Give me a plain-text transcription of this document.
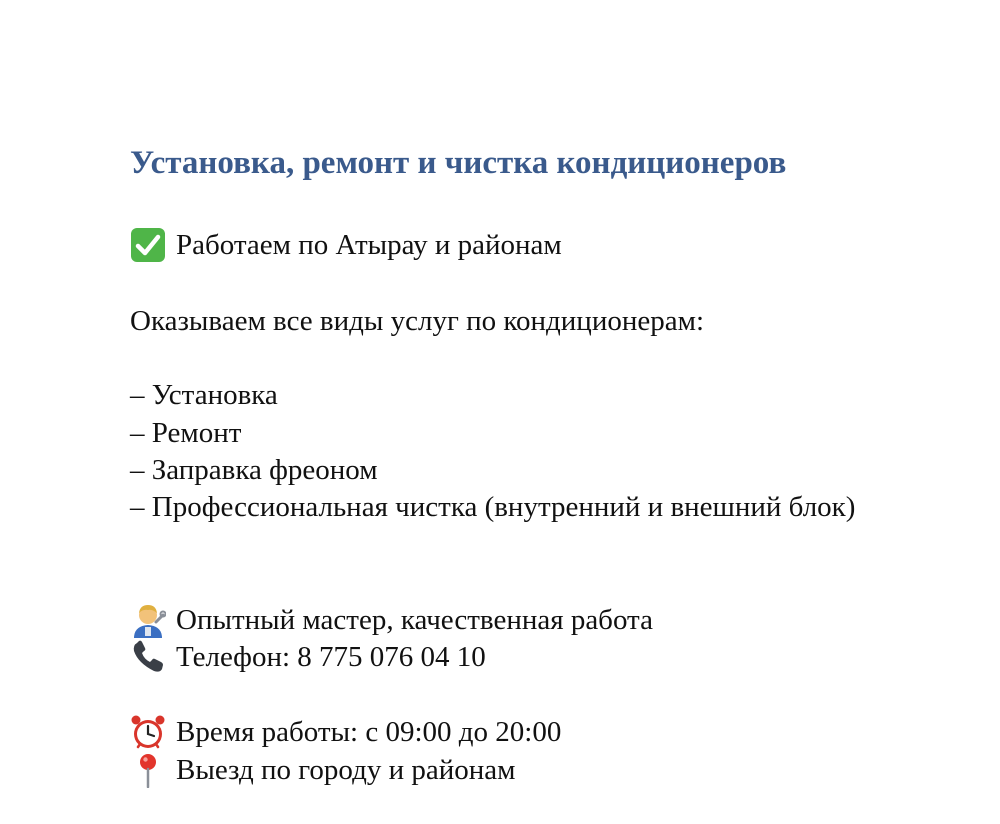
Установка, ремонт и чистка кондиционеров
Работаем по Атырау и районам
Оказываем все виды услуг по кондиционерам:
– Установка
– Ремонт
– Заправка фреоном
– Профессиональная чистка (внутренний и внешний блок)
Опытный мастер, качественная работа
Телефон: 8 775 076 04 10
Время работы: с 09:00 до 20:00
Выезд по городу и районам
